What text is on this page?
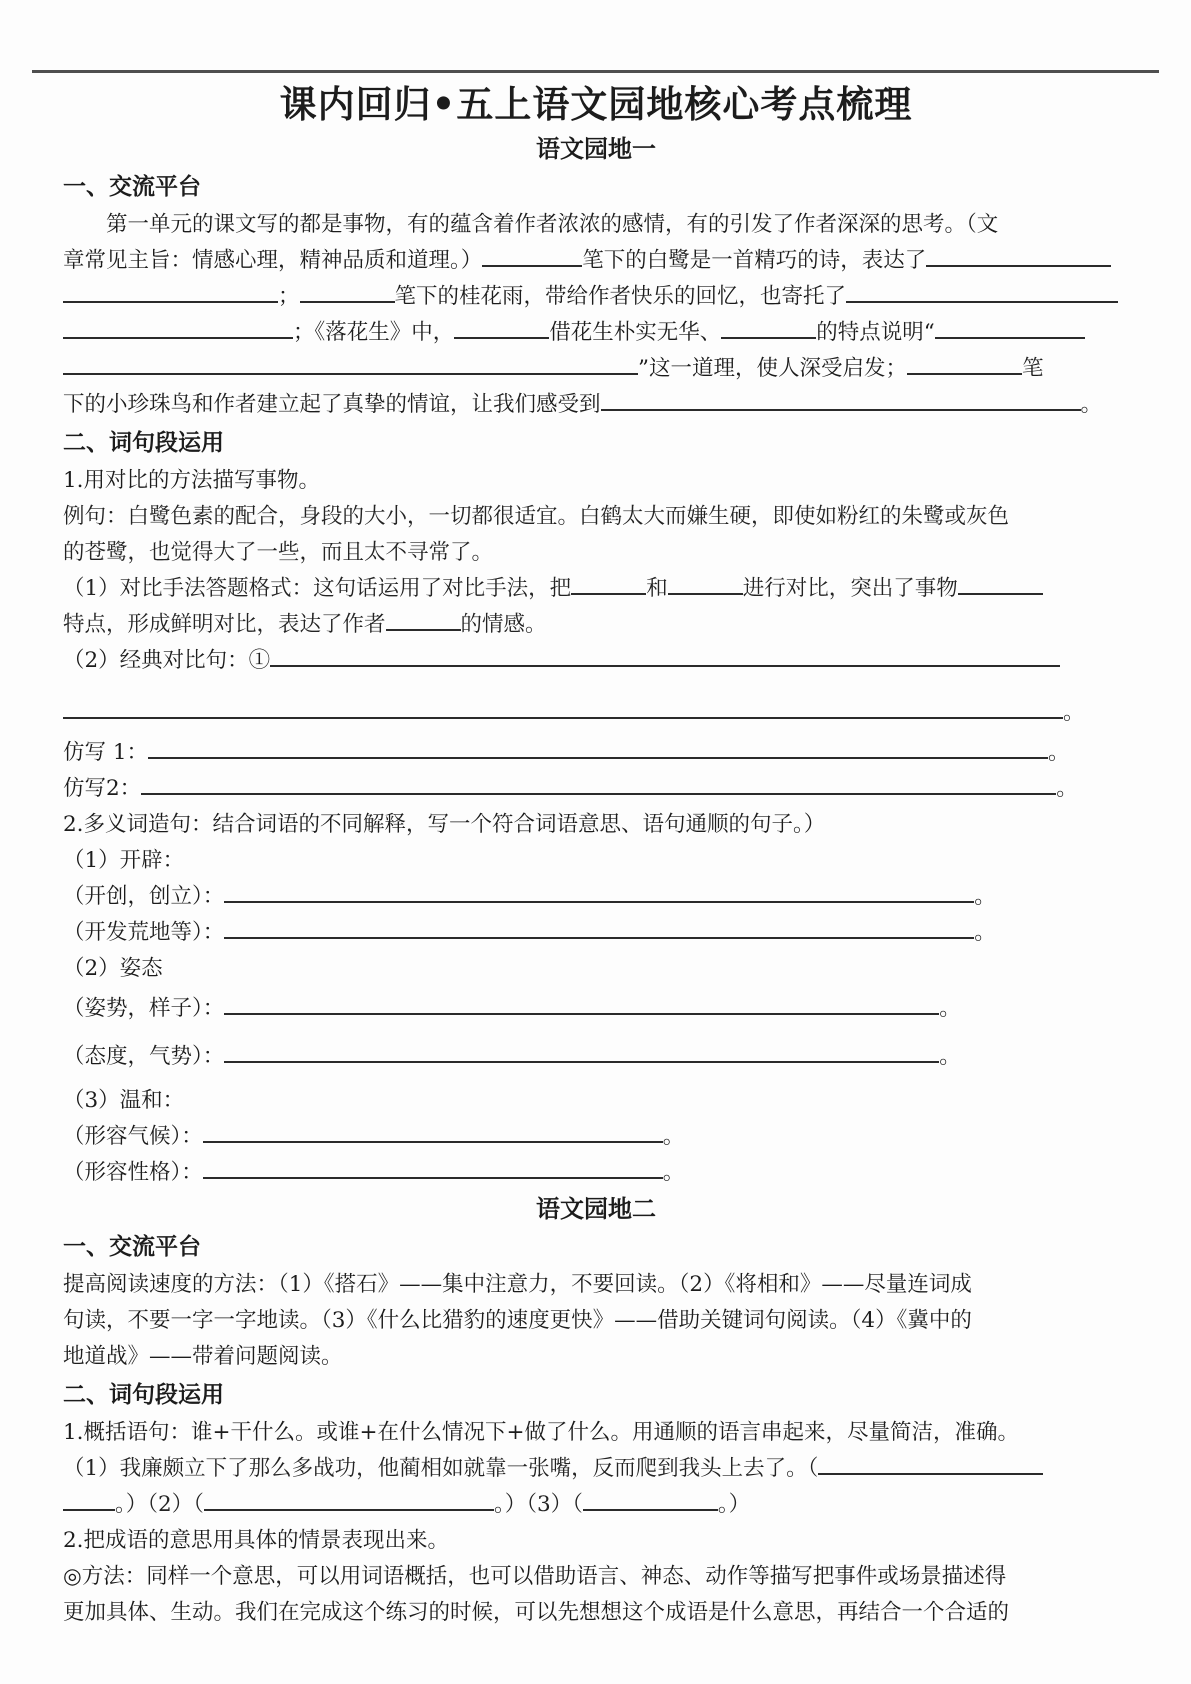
课内回归•五上语文园地核心考点梳理
语文园地一
一、交流平台
第一单元的课文写的都是事物，有的蕴含着作者浓浓的感情，有的引发了作者深深的思考。（文
章常见主旨：情感心理，精神品质和道理。）	笔下的白鹭是一首精巧的诗，表达了
；	笔下的桂花雨，带给作者快乐的回忆，也寄托了
；《落花生》中，	借花生朴实无华、	的特点说明“
”这一道理，使人深受启发；	笔
下的小珍珠鸟和作者建立起了真挚的情谊，让我们感受到	。
二、词句段运用
1.用对比的方法描写事物。
例句：白鹭色素的配合，身段的大小，一切都很适宜。白鹤太大而嫌生硬，即使如粉红的朱鹭或灰色
的苍鹭，也觉得大了一些，而且太不寻常了。
（1）对比手法答题格式：这句话运用了对比手法，把	和	进行对比，突出了事物
特点，形成鲜明对比，表达了作者	的情感。
（2）经典对比句：①
。
仿写 1：	。
仿写2：	。
2.多义词造句：结合词语的不同解释，写一个符合词语意思、语句通顺的句子。）
（1）开辟：
（开创，创立）：	。
（开发荒地等）：	。
（2）姿态
（姿势，样子）：	。
（态度，气势）：	。
（3）温和：
（形容气候）：	。
（形容性格）：	。
语文园地二
一、交流平台
提高阅读速度的方法：（1）《搭石》——集中注意力，不要回读。（2）《将相和》——尽量连词成
句读，不要一字一字地读。（3）《什么比猎豹的速度更快》——借助关键词句阅读。（4）《冀中的
地道战》——带着问题阅读。
二、词句段运用
1.概括语句：谁+干什么。或谁+在什么情况下+做了什么。用通顺的语言串起来，尽量简洁，准确。
（1）我廉颇立下了那么多战功，他蔺相如就靠一张嘴，反而爬到我头上去了。（
。）（2）（	。）（3）（	。）
2.把成语的意思用具体的情景表现出来。
◎方法：同样一个意思，可以用词语概括，也可以借助语言、神态、动作等描写把事件或场景描述得
更加具体、生动。我们在完成这个练习的时候，可以先想想这个成语是什么意思，再结合一个合适的
